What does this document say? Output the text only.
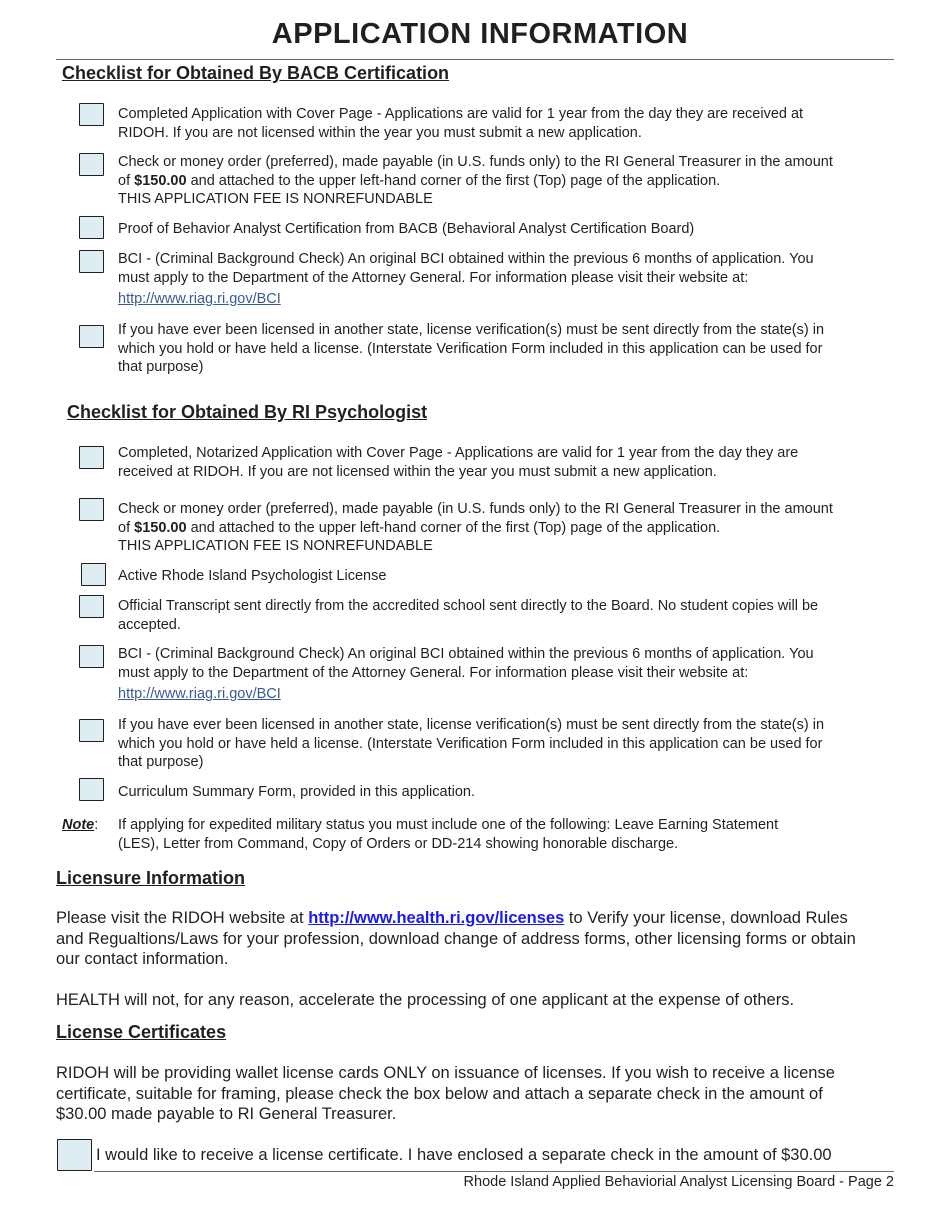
APPLICATION INFORMATION
Checklist for Obtained By BACB Certification
Completed Application with Cover Page - Applications are valid for 1 year from the day they are received at
RIDOH. If you are not licensed within the year you must submit a new application.
Check or money order (preferred), made payable (in U.S. funds only) to the RI General Treasurer in the amount
of $150.00 and attached to the upper left-hand corner of the first (Top) page of the application.
THIS APPLICATION FEE IS NONREFUNDABLE
Proof of Behavior Analyst Certification from BACB (Behavioral Analyst Certification Board)
BCI - (Criminal Background Check) An original BCI obtained within the previous 6 months of application. You
must apply to the Department of the Attorney General. For information please visit their website at:
http://www.riag.ri.gov/BCI
If you have ever been licensed in another state, license verification(s) must be sent directly from the state(s) in
which you hold or have held a license. (Interstate Verification Form included in this application can be used for
that purpose)
Checklist for Obtained By RI Psychologist
Completed, Notarized Application with Cover Page - Applications are valid for 1 year from the day they are
received at RIDOH. If you are not licensed within the year you must submit a new application.
Check or money order (preferred), made payable (in U.S. funds only) to the RI General Treasurer in the amount
of $150.00 and attached to the upper left-hand corner of the first (Top) page of the application.
THIS APPLICATION FEE IS NONREFUNDABLE
Active Rhode Island Psychologist License
Official Transcript sent directly from the accredited school sent directly to the Board. No student copies will be
accepted.
BCI - (Criminal Background Check) An original BCI obtained within the previous 6 months of application. You
must apply to the Department of the Attorney General. For information please visit their website at:
http://www.riag.ri.gov/BCI
If you have ever been licensed in another state, license verification(s) must be sent directly from the state(s) in
which you hold or have held a license. (Interstate Verification Form included in this application can be used for
that purpose)
Curriculum Summary Form, provided in this application.
Note: If applying for expedited military status you must include one of the following: Leave Earning Statement
(LES), Letter from Command, Copy of Orders or DD-214 showing honorable discharge.
Licensure Information
Please visit the RIDOH website at http://www.health.ri.gov/licenses to Verify your license, download Rules
and Regualtions/Laws for your profession, download change of address forms, other licensing forms or obtain
our contact information.
HEALTH will not, for any reason, accelerate the processing of one applicant at the expense of others.
License Certificates
RIDOH will be providing wallet license cards ONLY on issuance of licenses. If you wish to receive a license
certificate, suitable for framing, please check the box below and attach a separate check in the amount of
$30.00 made payable to RI General Treasurer.
I would like to receive a license certificate. I have enclosed a separate check in the amount of $30.00
Rhode Island Applied Behaviorial Analyst Licensing Board - Page 2
